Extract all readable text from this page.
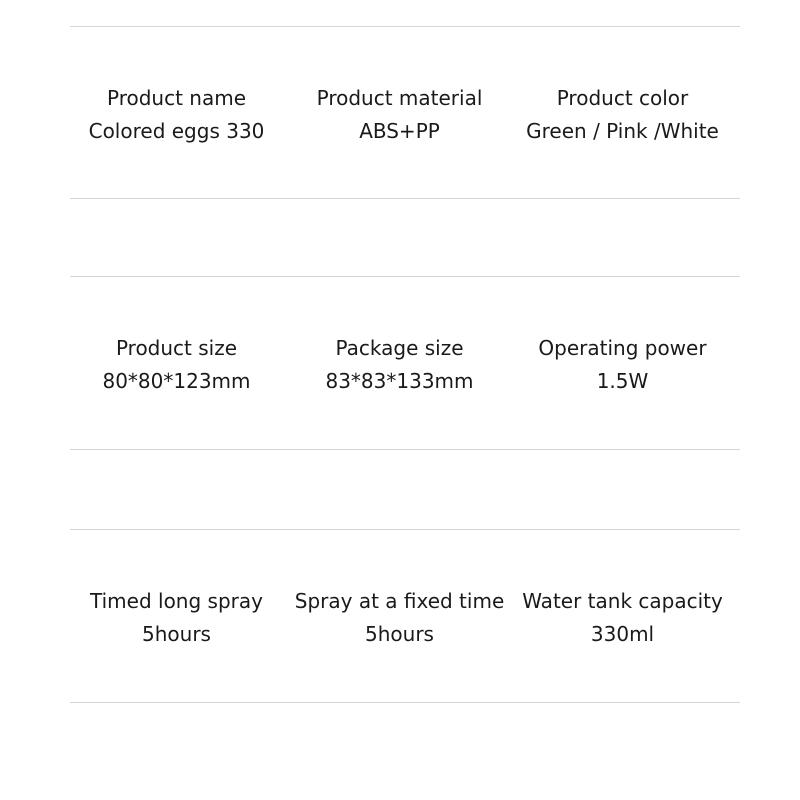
Product name
Colored eggs 330
Product material
ABS+PP
Product color
Green / Pink /White
Product size
80*80*123mm
Package size
83*83*133mm
Operating power
1.5W
Timed long spray
5hours
Spray at a fixed time
5hours
Water tank capacity
330ml
